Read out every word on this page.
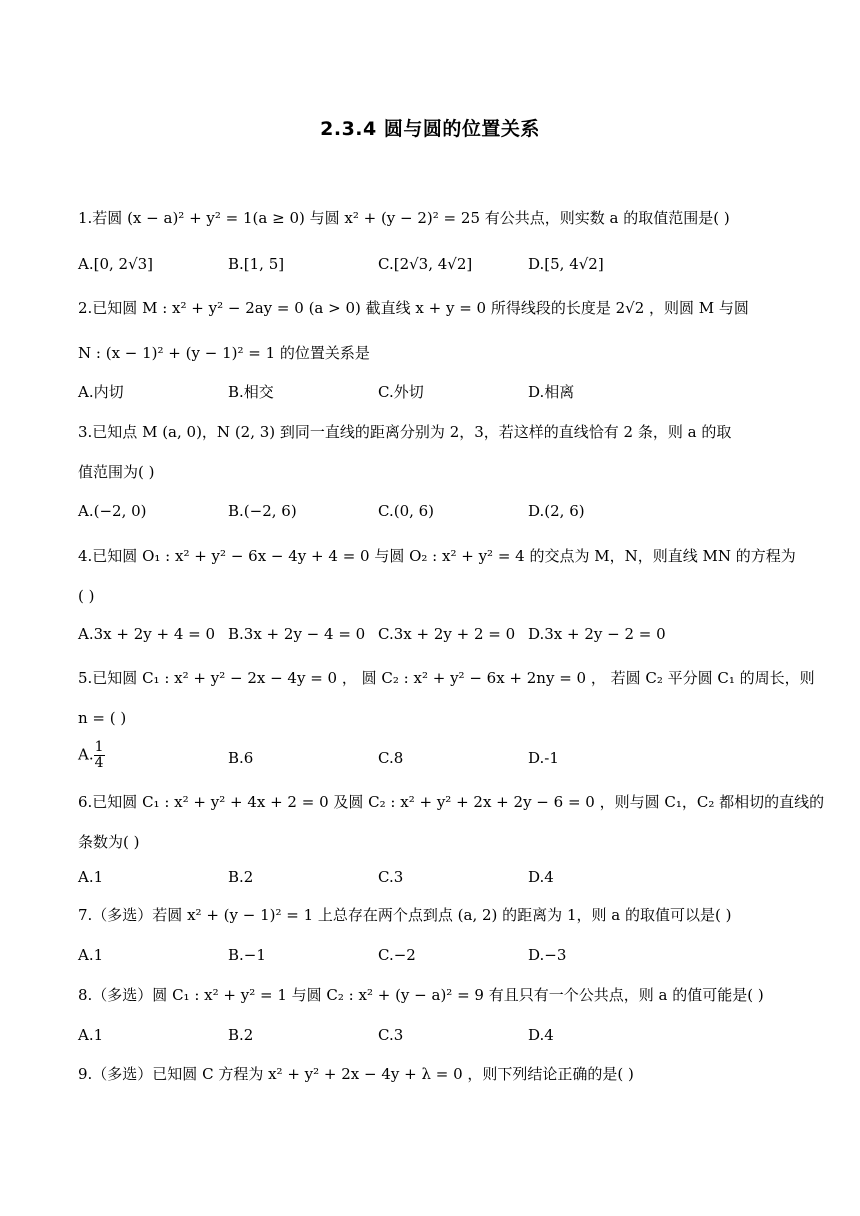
2.3.4 圆与圆的位置关系
1.若圆 (x − a)² + y² = 1(a ≥ 0) 与圆 x² + (y − 2)² = 25 有公共点，则实数 a 的取值范围是( )
A.[0, 2√3]	B.[1, 5]	C.[2√3, 4√2]	D.[5, 4√2]
2.已知圆 M : x² + y² − 2ay = 0 (a > 0) 截直线 x + y = 0 所得线段的长度是 2√2 ，则圆 M 与圆
N : (x − 1)² + (y − 1)² = 1 的位置关系是
A.内切	B.相交	C.外切	D.相离
3.已知点 M (a, 0)，N (2, 3) 到同一直线的距离分别为 2，3，若这样的直线恰有 2 条，则 a 的取
值范围为( )
A.(−2, 0)	B.(−2, 6)	C.(0, 6)	D.(2, 6)
4.已知圆 O₁ : x² + y² − 6x − 4y + 4 = 0 与圆 O₂ : x² + y² = 4 的交点为 M，N，则直线 MN 的方程为
( )
A.3x + 2y + 4 = 0 B.3x + 2y − 4 = 0 C.3x + 2y + 2 = 0 D.3x + 2y − 2 = 0
5.已知圆 C₁ : x² + y² − 2x − 4y = 0 ， 圆 C₂ : x² + y² − 6x + 2ny = 0 ， 若圆 C₂ 平分圆 C₁ 的周长，则
n = ( )
A. $\frac{1}{4}$	B.6	C.8	D.-1
6.已知圆 C₁ : x² + y² + 4x + 2 = 0 及圆 C₂ : x² + y² + 2x + 2y − 6 = 0 ，则与圆 C₁，C₂ 都相切的直线的
条数为( )
A.1	B.2	C.3	D.4
7.（多选）若圆 x² + (y − 1)² = 1 上总存在两个点到点 (a, 2) 的距离为 1，则 a 的取值可以是( )
A.1	B.−1	C.−2	D.−3
8.（多选）圆 C₁ : x² + y² = 1 与圆 C₂ : x² + (y − a)² = 9 有且只有一个公共点，则 a 的值可能是( )
A.1	B.2	C.3	D.4
9.（多选）已知圆 C 方程为 x² + y² + 2x − 4y + λ = 0 ，则下列结论正确的是( )
